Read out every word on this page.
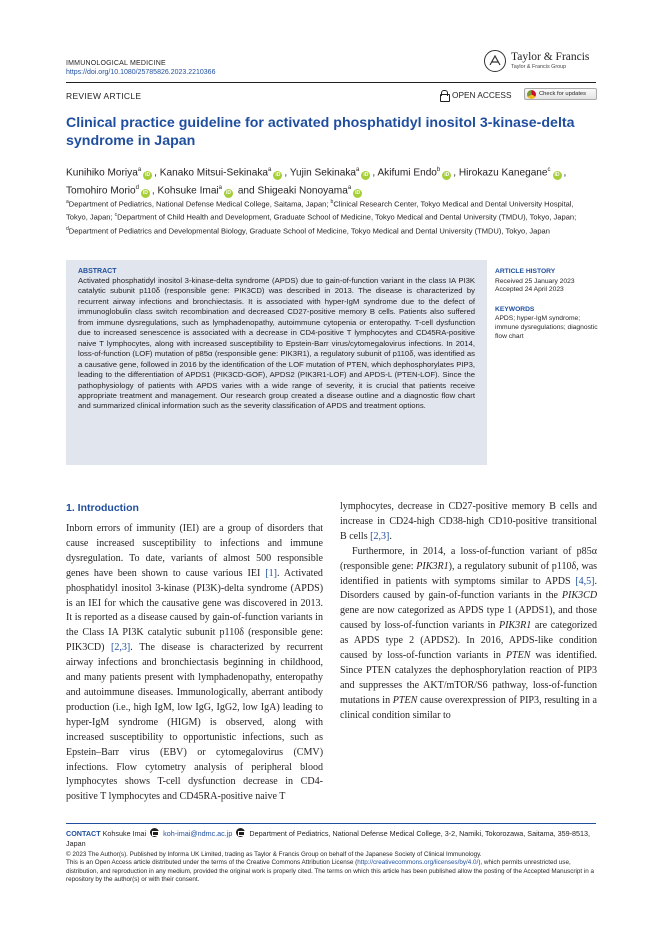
IMMUNOLOGICAL MEDICINE
https://doi.org/10.1080/25785826.2023.2210366
Taylor & Francis
Taylor & Francis Group
REVIEW ARTICLE	OPEN ACCESS	Check for updates
Clinical practice guideline for activated phosphatidyl inositol 3-kinase-delta syndrome in Japan
Kunihiko Moriya$^a$iD , Kanako Mitsui-Sekinaka$^a$iD , Yujin Sekinaka$^a$iD , Akifumi Endo$^b$iD , Hirokazu Kanegane$^c$iD , Tomohiro Morio$^d$iD , Kohsuke Imai$^a$iD and Shigeaki Nonoyama$^a$iD
$^a$Department of Pediatrics, National Defense Medical College, Saitama, Japan; $^b$Clinical Research Center, Tokyo Medical and Dental University Hospital, Tokyo, Japan; $^c$Department of Child Health and Development, Graduate School of Medicine, Tokyo Medical and Dental University (TMDU), Tokyo, Japan; $^d$Department of Pediatrics and Developmental Biology, Graduate School of Medicine, Tokyo Medical and Dental University (TMDU), Tokyo, Japan
ABSTRACT
Activated phosphatidyl inositol 3-kinase-delta syndrome (APDS) due to gain-of-function variant in the class IA PI3K catalytic subunit p110δ (responsible gene: PIK3CD) was described in 2013. The disease is characterized by recurrent airway infections and bronchiectasis. It is associated with hyper-IgM syndrome due to the defect of immunoglobulin class switch recombination and decreased CD27-positive memory B cells. Patients also suffered from immune dysregulations, such as lymphadenopathy, autoimmune cytopenia or enteropathy. T-cell dysfunction due to increased senescence is associated with a decrease in CD4-positive T lymphocytes and CD45RA-positive naive T lymphocytes, along with increased susceptibility to Epstein-Barr virus/cytomegalovirus infections. In 2014, loss-of-function (LOF) mutation of p85α (responsible gene: PIK3R1), a regulatory subunit of p110δ, was identified as a causative gene, followed in 2016 by the identification of the LOF mutation of PTEN, which dephosphorylates PIP3, leading to the differentiation of APDS1 (PIK3CD-GOF), APDS2 (PIK3R1-LOF) and APDS-L (PTEN-LOF). Since the pathophysiology of patients with APDS varies with a wide range of severity, it is crucial that patients receive appropriate treatment and management. Our research group created a disease outline and a diagnostic flow chart and summarized clinical information such as the severity classification of APDS and treatment options.
ARTICLE HISTORY
Received 25 January 2023
Accepted 24 April 2023
KEYWORDS
APDS; hyper-IgM syndrome; immune dysregulations; diagnostic flow chart
1. Introduction

Inborn errors of immunity (IEI) are a group of disorders that cause increased susceptibility to infections and immune dysregulation. To date, variants of almost 500 responsible genes have been shown to cause various IEI [1]. Activated phosphatidyl inositol 3-kinase (PI3K)-delta syndrome (APDS) is an IEI for which the causative gene was discovered in 2013. It is reported as a disease caused by gain-of-function variants in the Class IA PI3K catalytic subunit p110δ (responsible gene: PIK3CD) [2,3]. The disease is characterized by recurrent airway infections and bronchiectasis beginning in childhood, and many patients present with lymphadenopathy, enteropathy and autoimmune diseases. Immunologically, aberrant antibody production (i.e., high IgM, low IgG, IgG2, low IgA) leading to hyper-IgM syndrome (HIGM) is observed, along with increased susceptibility to opportunistic infections, such as Epstein–Barr virus (EBV) or cytomegalovirus (CMV) infections. Flow cytometry analysis of peripheral blood lymphocytes shows T-cell dysfunction decrease in CD4-positive T lymphocytes and CD45RA-positive naive T

lymphocytes, decrease in CD27-positive memory B cells and increase in CD24-high CD38-high CD10-positive transitional B cells [2,3].

Furthermore, in 2014, a loss-of-function variant of p85α (responsible gene: PIK3R1), a regulatory subunit of p110δ, was identified in patients with symptoms similar to APDS [4,5]. Disorders caused by gain-of-function variants in the PIK3CD gene are now categorized as APDS type 1 (APDS1), and those caused by loss-of-function variants in PIK3R1 are categorized as APDS type 2 (APDS2). In 2016, APDS-like condition caused by loss-of-function variants in PTEN was identified. Since PTEN catalyzes the dephosphorylation reaction of PIP3 and suppresses the AKT/mTOR/S6 pathway, loss-of-function mutations in PTEN cause overexpression of PIP3, resulting in a clinical condition similar to

CONTACT Kohsuke Imai koh-imai@ndmc.ac.jp Department of Pediatrics, National Defense Medical College, 3-2, Namiki, Tokorozawa, Saitama, 359-8513, Japan
© 2023 The Author(s). Published by Informa UK Limited, trading as Taylor & Francis Group on behalf of the Japanese Society of Clinical Immunology.
This is an Open Access article distributed under the terms of the Creative Commons Attribution License (http://creativecommons.org/licenses/by/4.0/), which permits unrestricted use, distribution, and reproduction in any medium, provided the original work is properly cited. The terms on which this article has been published allow the posting of the Accepted Manuscript in a repository by the author(s) or with their consent.
